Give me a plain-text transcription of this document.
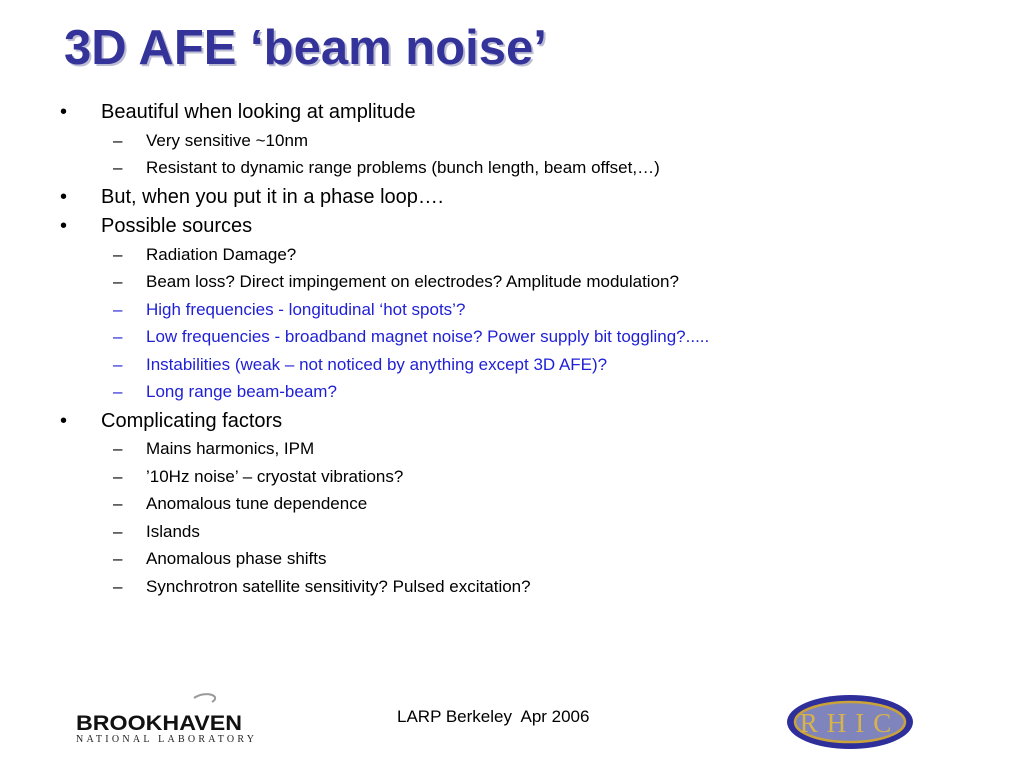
3D AFE ‘beam noise’
• Beautiful when looking at amplitude
– Very sensitive ~10nm
– Resistant to dynamic range problems (bunch length, beam offset,…)
• But, when you put it in a phase loop….
• Possible sources
– Radiation Damage?
– Beam loss? Direct impingement on electrodes? Amplitude modulation?
– High frequencies - longitudinal ‘hot spots’?
– Low frequencies - broadband magnet noise? Power supply bit toggling?.....
– Instabilities (weak – not noticed by anything except 3D AFE)?
– Long range beam-beam?
• Complicating factors
– Mains harmonics, IPM
– ’10Hz noise’ – cryostat vibrations?
– Anomalous tune dependence
– Islands
– Anomalous phase shifts
– Synchrotron satellite sensitivity? Pulsed excitation?
BROOKHAVEN
NATIONAL LABORATORY
LARP Berkeley  Apr 2006	RHIC
